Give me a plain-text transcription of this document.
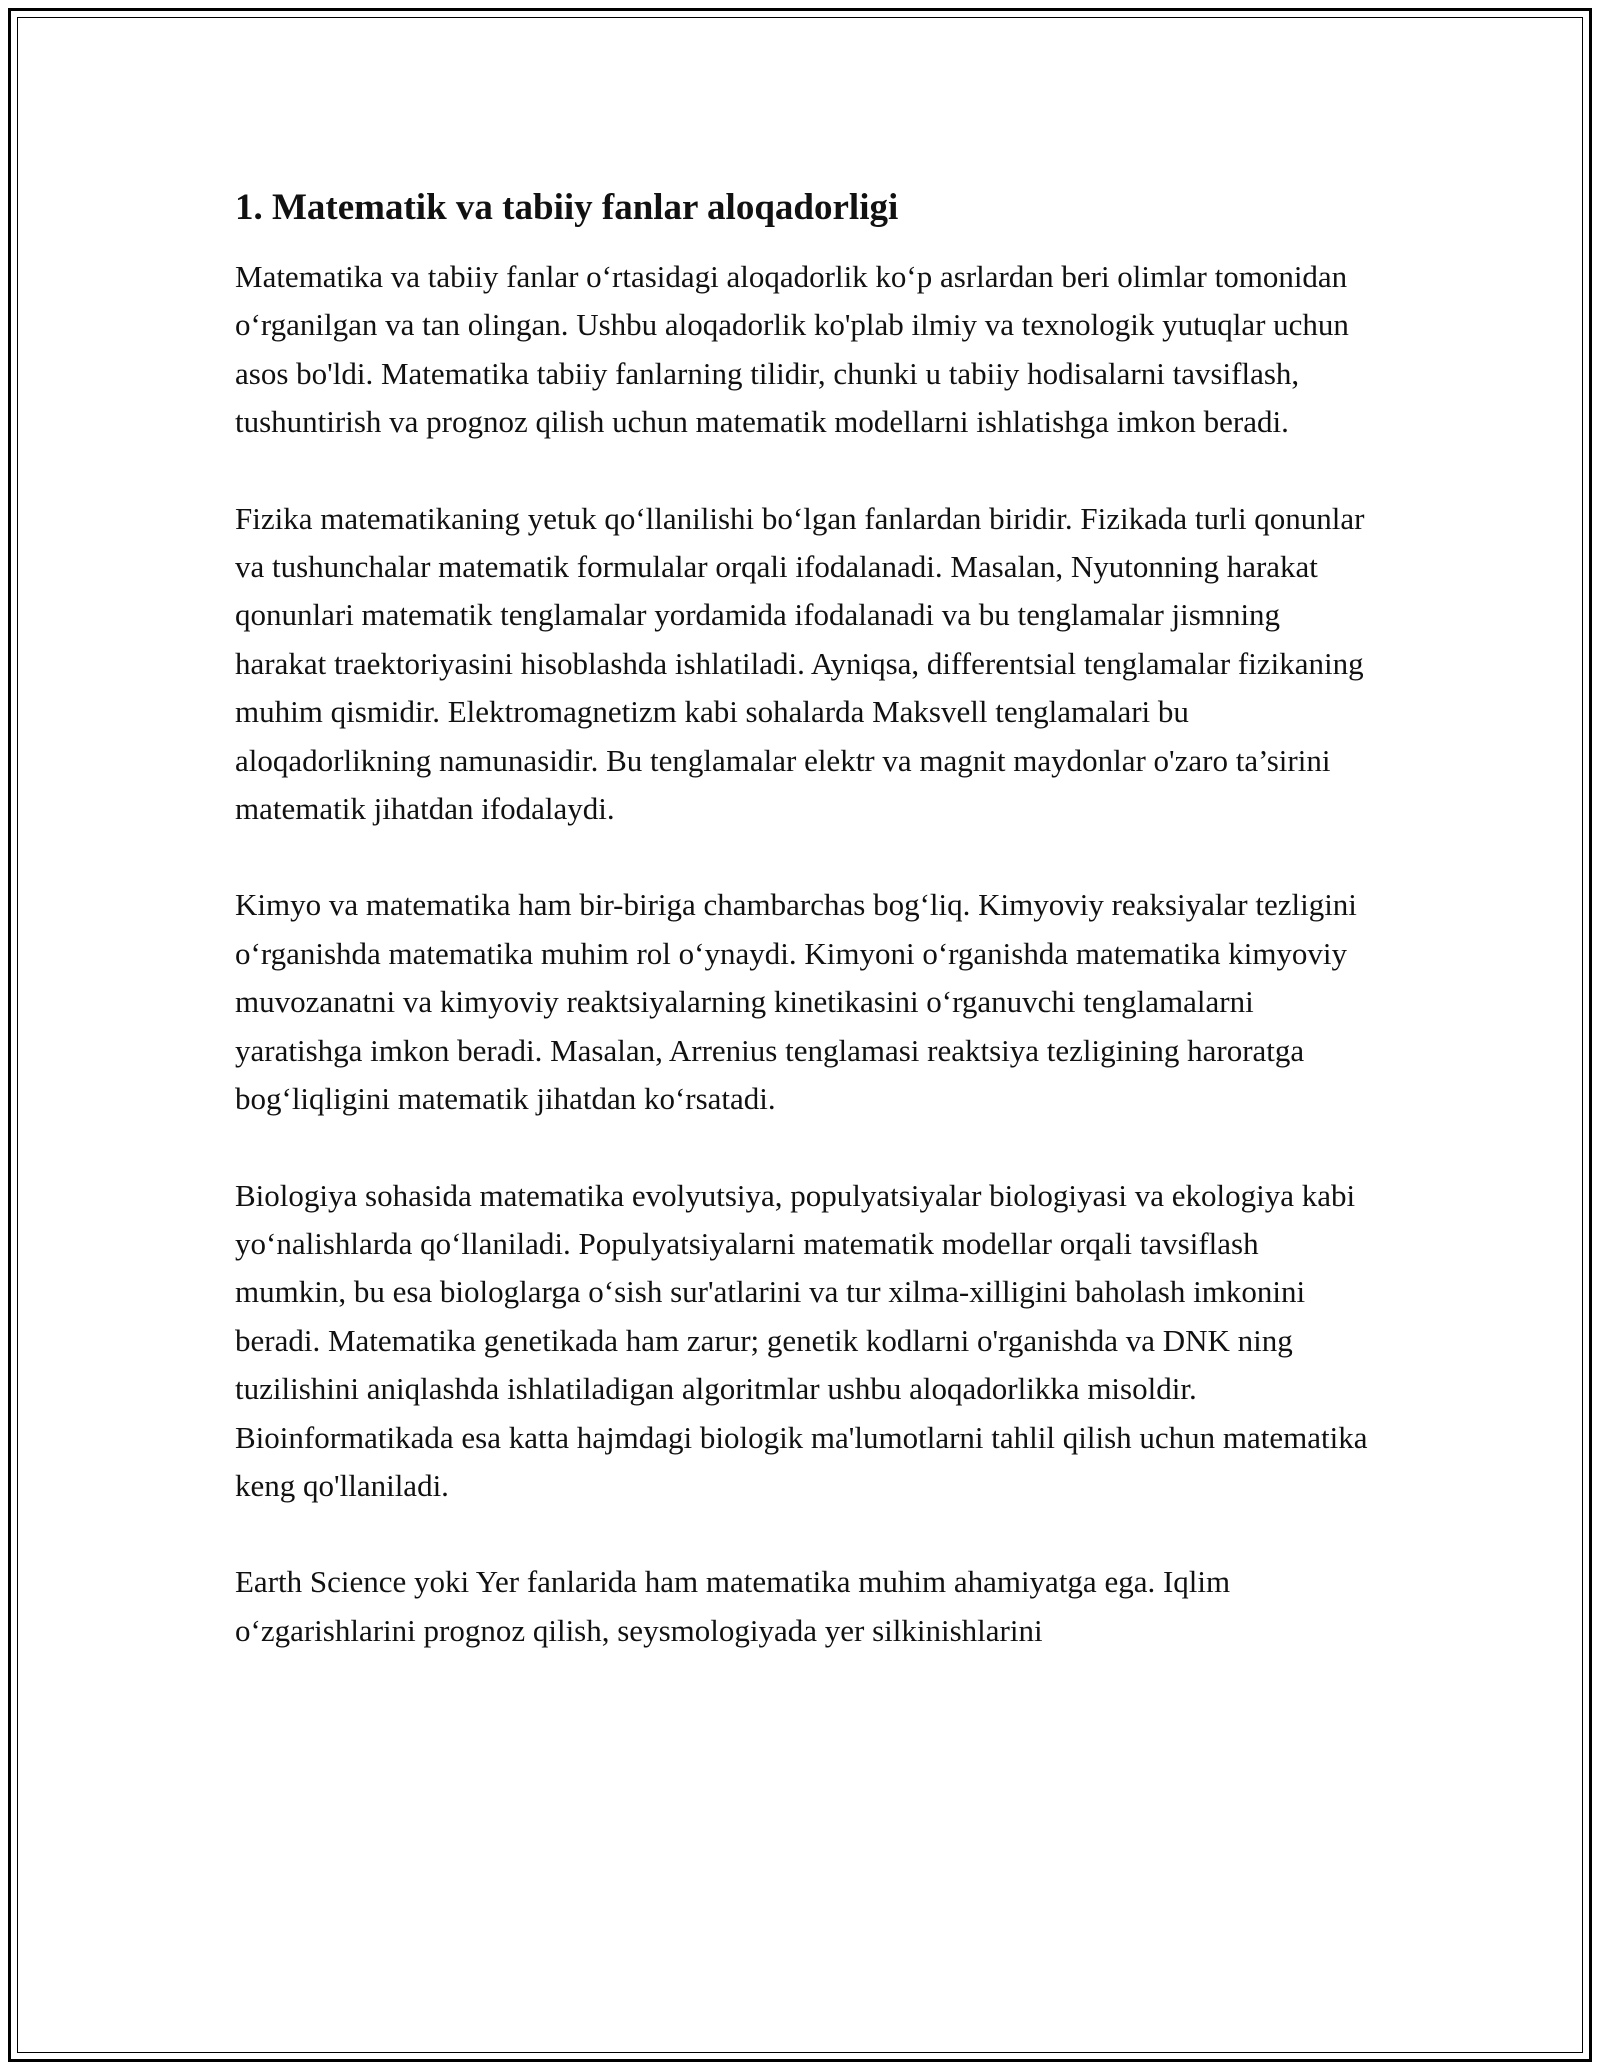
1. Matematik va tabiiy fanlar aloqadorligi

Matematika va tabiiy fanlar o‘rtasidagi aloqadorlik ko‘p asrlardan beri olimlar tomonidan o‘rganilgan va tan olingan. Ushbu aloqadorlik ko'plab ilmiy va texnologik yutuqlar uchun asos bo'ldi. Matematika tabiiy fanlarning tilidir, chunki u tabiiy hodisalarni tavsiflash, tushuntirish va prognoz qilish uchun matematik modellarni ishlatishga imkon beradi.

Fizika matematikaning yetuk qo‘llanilishi bo‘lgan fanlardan biridir. Fizikada turli qonunlar va tushunchalar matematik formulalar orqali ifodalanadi. Masalan, Nyutonning harakat qonunlari matematik tenglamalar yordamida ifodalanadi va bu tenglamalar jismning harakat traektoriyasini hisoblashda ishlatiladi. Ayniqsa, differentsial tenglamalar fizikaning muhim qismidir. Elektromagnetizm kabi sohalarda Maksvell tenglamalari bu aloqadorlikning namunasidir. Bu tenglamalar elektr va magnit maydonlar o'zaro ta’sirini matematik jihatdan ifodalaydi.

Kimyo va matematika ham bir-biriga chambarchas bog‘liq. Kimyoviy reaksiyalar tezligini o‘rganishda matematika muhim rol o‘ynaydi. Kimyoni o‘rganishda matematika kimyoviy muvozanatni va kimyoviy reaktsiyalarning kinetikasini o‘rganuvchi tenglamalarni yaratishga imkon beradi. Masalan, Arrenius tenglamasi reaktsiya tezligining haroratga bog‘liqligini matematik jihatdan ko‘rsatadi.

Biologiya sohasida matematika evolyutsiya, populyatsiyalar biologiyasi va ekologiya kabi yo‘nalishlarda qo‘llaniladi. Populyatsiyalarni matematik modellar orqali tavsiflash mumkin, bu esa biologlarga o‘sish sur'atlarini va tur xilma-xilligini baholash imkonini beradi. Matematika genetikada ham zarur; genetik kodlarni o'rganishda va DNK ning tuzilishini aniqlashda ishlatiladigan algoritmlar ushbu aloqadorlikka misoldir. Bioinformatikada esa katta hajmdagi biologik ma'lumotlarni tahlil qilish uchun matematika keng qo'llaniladi.

Earth Science yoki Yer fanlarida ham matematika muhim ahamiyatga ega. Iqlim o‘zgarishlarini prognoz qilish, seysmologiyada yer silkinishlarini
